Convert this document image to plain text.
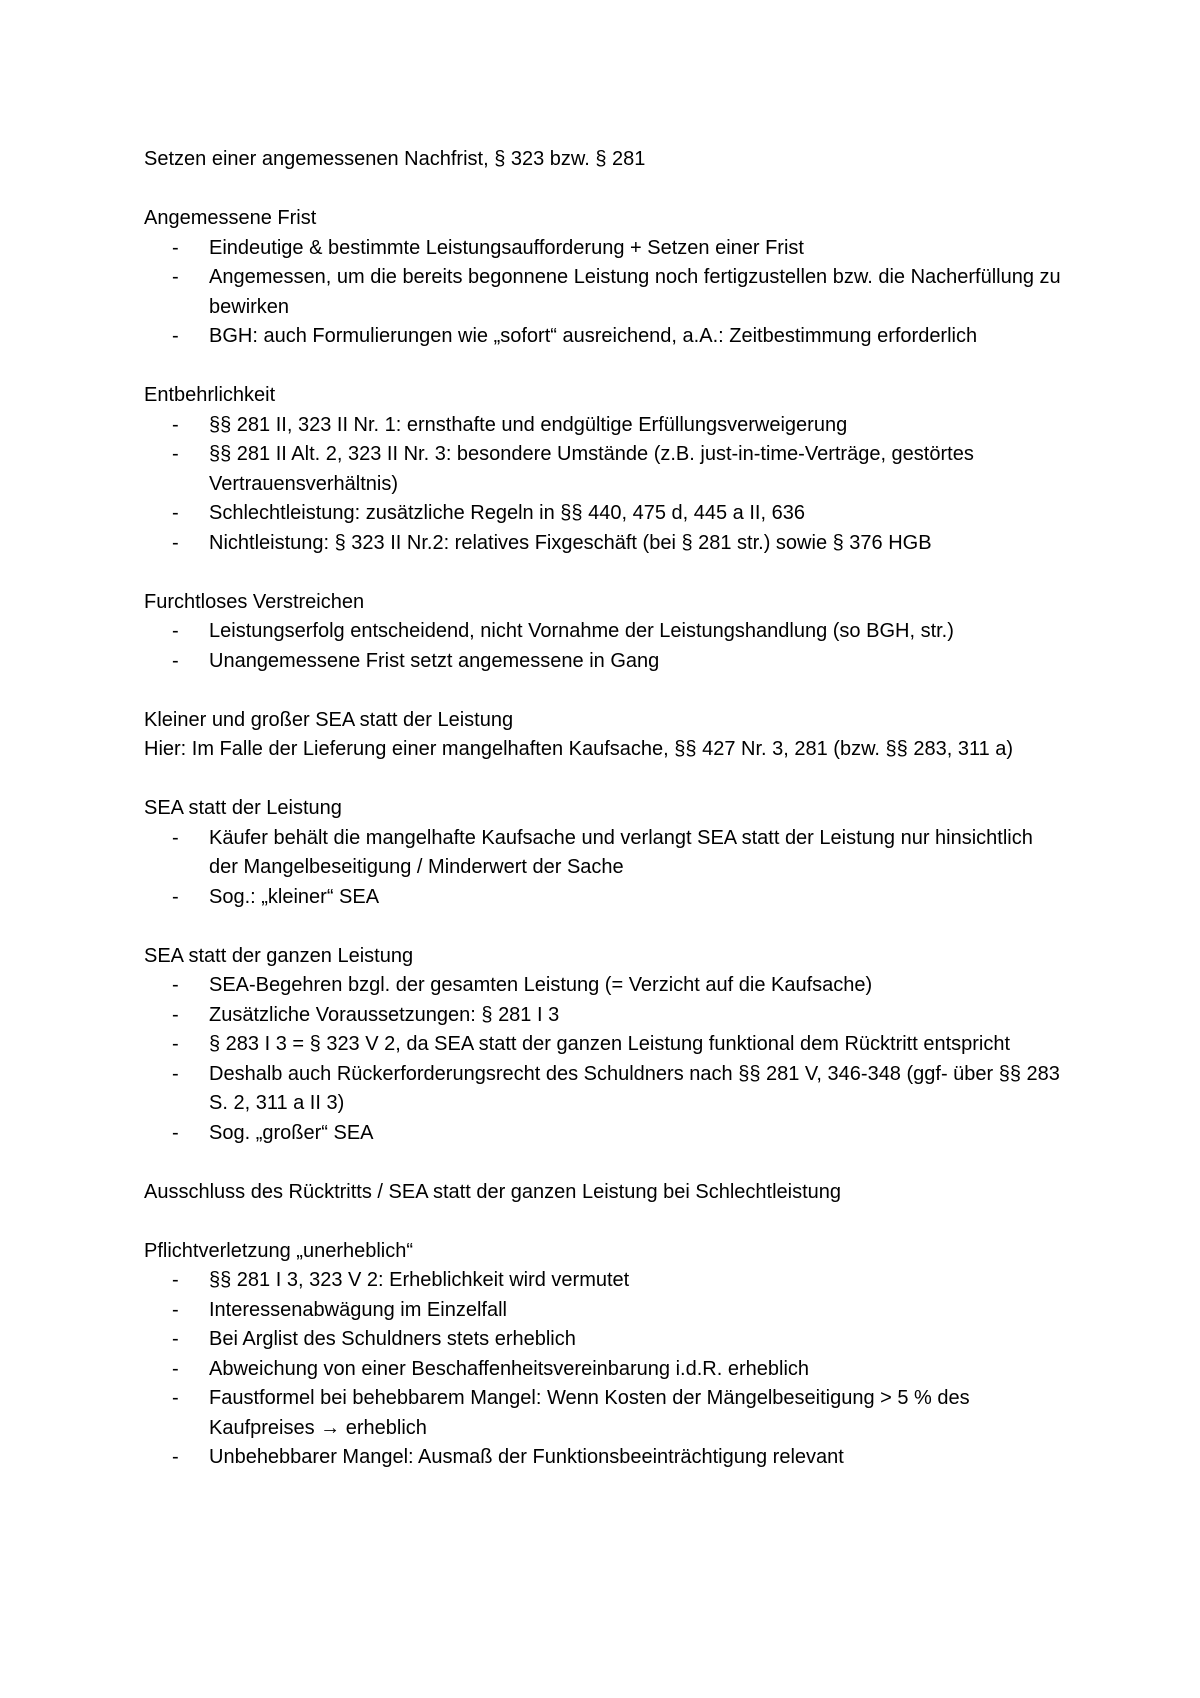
Setzen einer angemessenen Nachfrist, § 323 bzw. § 281

Angemessene Frist

- Eindeutige & bestimmte Leistungsaufforderung + Setzen einer Frist
- Angemessen, um die bereits begonnene Leistung noch fertigzustellen bzw. die Nacherfüllung zu bewirken
- BGH: auch Formulierungen wie „sofort“ ausreichend, a.A.: Zeitbestimmung erforderlich

Entbehrlichkeit

- §§ 281 II, 323 II Nr. 1: ernsthafte und endgültige Erfüllungsverweigerung
- §§ 281 II Alt. 2, 323 II Nr. 3: besondere Umstände (z.B. just-in-time-Verträge, gestörtes Vertrauensverhältnis)
- Schlechtleistung: zusätzliche Regeln in §§ 440, 475 d, 445 a II, 636
- Nichtleistung: § 323 II Nr.2: relatives Fixgeschäft (bei § 281 str.) sowie § 376 HGB

Furchtloses Verstreichen

- Leistungserfolg entscheidend, nicht Vornahme der Leistungshandlung (so BGH, str.)
- Unangemessene Frist setzt angemessene in Gang

Kleiner und großer SEA statt der Leistung

Hier: Im Falle der Lieferung einer mangelhaften Kaufsache, §§ 427 Nr. 3, 281 (bzw. §§ 283, 311 a)

SEA statt der Leistung

- Käufer behält die mangelhafte Kaufsache und verlangt SEA statt der Leistung nur hinsichtlich der Mangelbeseitigung / Minderwert der Sache
- Sog.: „kleiner“ SEA

SEA statt der ganzen Leistung

- SEA-Begehren bzgl. der gesamten Leistung (= Verzicht auf die Kaufsache)
- Zusätzliche Voraussetzungen: § 281 I 3
- § 283 I 3 = § 323 V 2, da SEA statt der ganzen Leistung funktional dem Rücktritt entspricht
- Deshalb auch Rückerforderungsrecht des Schuldners nach §§ 281 V, 346-348 (ggf- über §§ 283 S. 2, 311 a II 3)
- Sog. „großer“ SEA

Ausschluss des Rücktritts / SEA statt der ganzen Leistung bei Schlechtleistung

Pflichtverletzung „unerheblich“

- §§ 281 I 3, 323 V 2: Erheblichkeit wird vermutet
- Interessenabwägung im Einzelfall
- Bei Arglist des Schuldners stets erheblich
- Abweichung von einer Beschaffenheitsvereinbarung i.d.R. erheblich
- Faustformel bei behebbarem Mangel: Wenn Kosten der Mängelbeseitigung > 5 % des Kaufpreises → erheblich
- Unbehebbarer Mangel: Ausmaß der Funktionsbeeinträchtigung relevant
